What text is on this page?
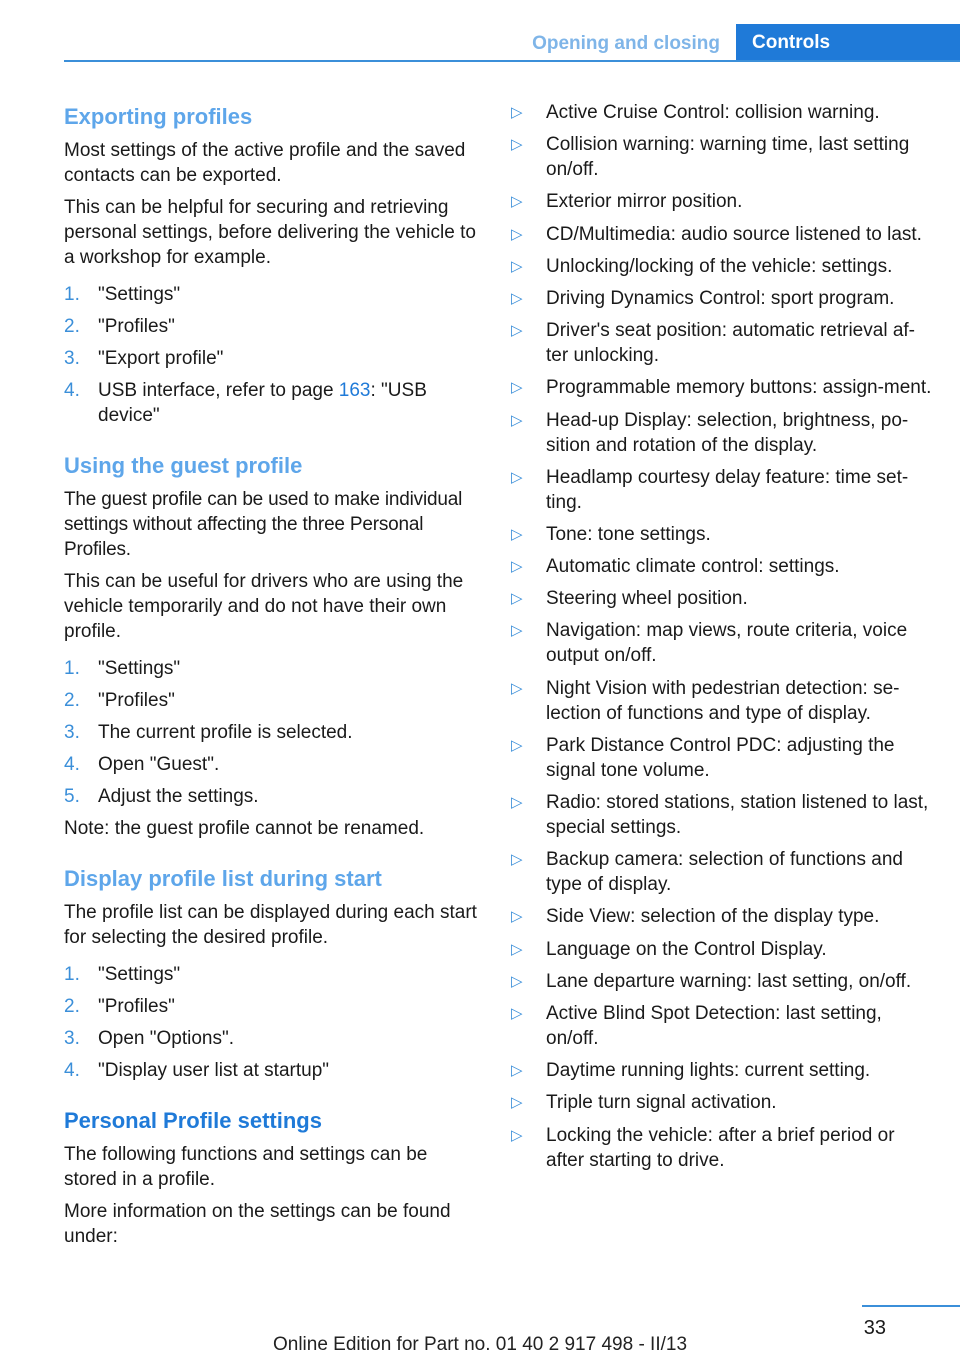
Opening and closing	Controls
Exporting profiles

Most settings of the active profile and the saved contacts can be exported.

This can be helpful for securing and retrieving personal settings, before delivering the vehicle to a workshop for example.

1. "Settings"
2. "Profiles"
3. "Export profile"
4. USB interface, refer to page 163: "USB device"
Using the guest profile

The guest profile can be used to make individual settings without affecting the three Personal Profiles.

This can be useful for drivers who are using the vehicle temporarily and do not have their own profile.

1. "Settings"
2. "Profiles"
3. The current profile is selected.
4. Open "Guest".
5. Adjust the settings.

Note: the guest profile cannot be renamed.

Display profile list during start

The profile list can be displayed during each start for selecting the desired profile.

1. "Settings"
2. "Profiles"
3. Open "Options".
4. "Display user list at startup"
Personal Profile settings

The following functions and settings can be stored in a profile.

More information on the settings can be found under:

▷ Active Cruise Control: collision warning.
▷ Collision warning: warning time, last setting on/off.
▷ Exterior mirror position.
▷ CD/Multimedia: audio source listened to last.
▷ Unlocking/locking of the vehicle: settings.
▷ Driving Dynamics Control: sport program.
▷ Driver's seat position: automatic retrieval af-ter unlocking.
▷ Programmable memory buttons: assign-ment.
▷ Head-up Display: selection, brightness, po-sition and rotation of the display.
▷ Headlamp courtesy delay feature: time set-ting.
▷ Tone: tone settings.
▷ Automatic climate control: settings.
▷ Steering wheel position.
▷ Navigation: map views, route criteria, voice output on/off.
▷ Night Vision with pedestrian detection: se-lection of functions and type of display.
▷ Park Distance Control PDC: adjusting the signal tone volume.
▷ Radio: stored stations, station listened to last, special settings.
▷ Backup camera: selection of functions and type of display.
▷ Side View: selection of the display type.
▷ Language on the Control Display.
▷ Lane departure warning: last setting, on/off.
▷ Active Blind Spot Detection: last setting, on/off.
▷ Daytime running lights: current setting.
▷ Triple turn signal activation.
▷ Locking the vehicle: after a brief period or after starting to drive.
33
Online Edition for Part no. 01 40 2 917 498 - II/13
